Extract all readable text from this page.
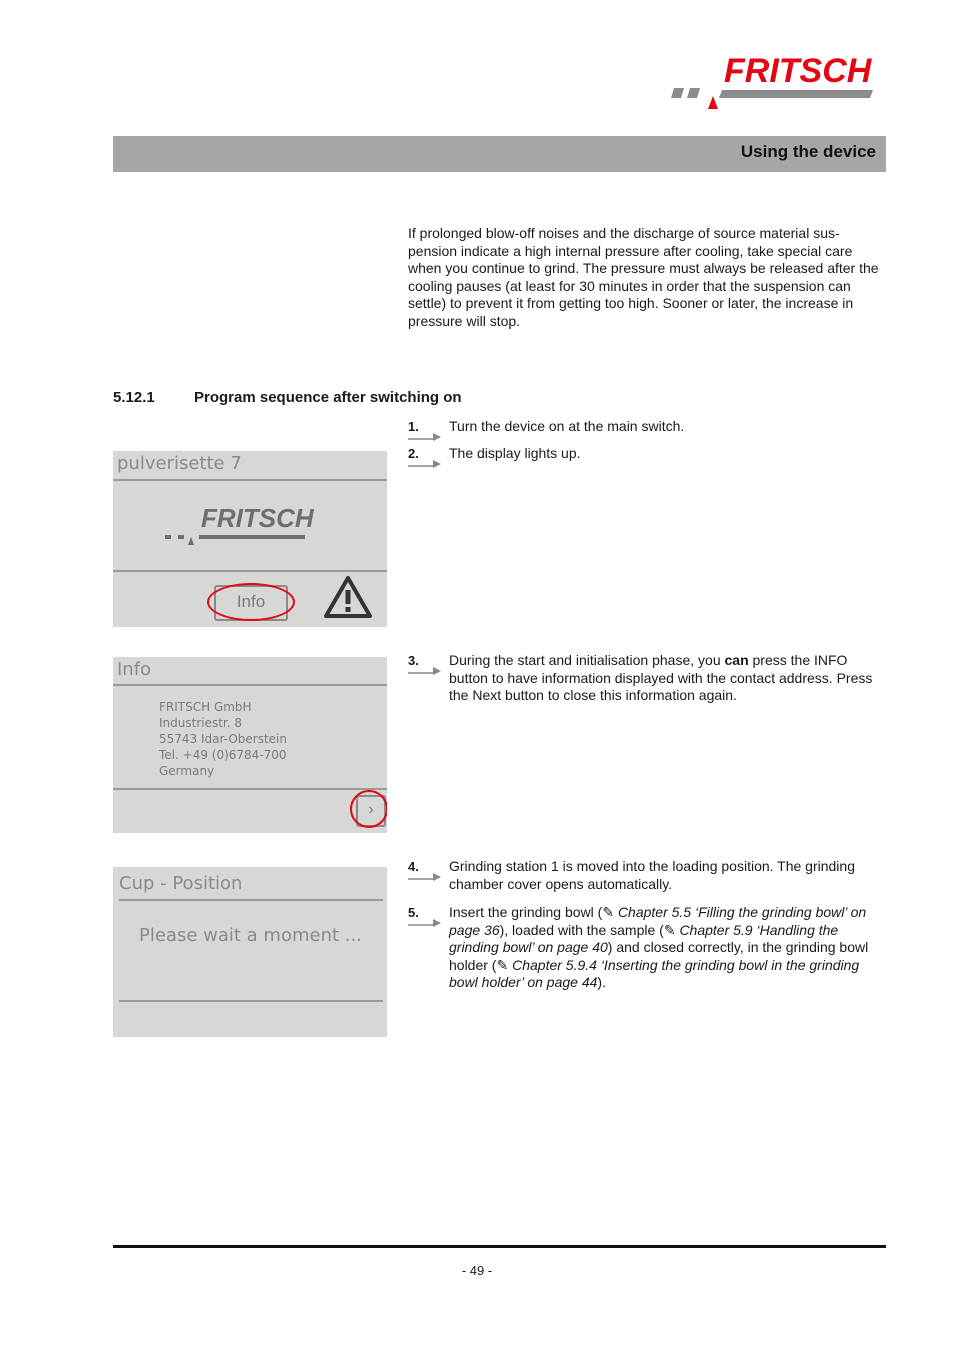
FRITSCH
Using the device

If prolonged blow-off noises and the discharge of source material sus-pension indicate a high internal pressure after cooling, take special care when you continue to grind. The pressure must always be released after the cooling pauses (at least for 30 minutes in order that the suspension can settle) to prevent it from getting too high. Sooner or later, the increase in pressure will stop.

5.12.1	Program sequence after switching on
1. Turn the device on at the main switch.
2. The display lights up.
3. During the start and initialisation phase, you can press the INFO button to have information displayed with the contact address. Press the Next button to close this information again.
4. Grinding station 1 is moved into the loading position. The grinding chamber cover opens automatically.
5. Insert the grinding bowl (✎ Chapter 5.5 ‘Filling the grinding bowl’ on page 36), loaded with the sample (✎ Chapter 5.9 ‘Handling the grinding bowl’ on page 40) and closed correctly, in the grinding bowl holder (✎ Chapter 5.9.4 ‘Inserting the grinding bowl in the grinding bowl holder’ on page 44).
pulverisette 7
FRITSCH
Info
Info
FRITSCH GmbH
Industriestr. 8
55743 Idar-Oberstein
Tel. +49 (0)6784-700
Germany
›
Cup - Position
Please wait a moment ...
- 49 -
